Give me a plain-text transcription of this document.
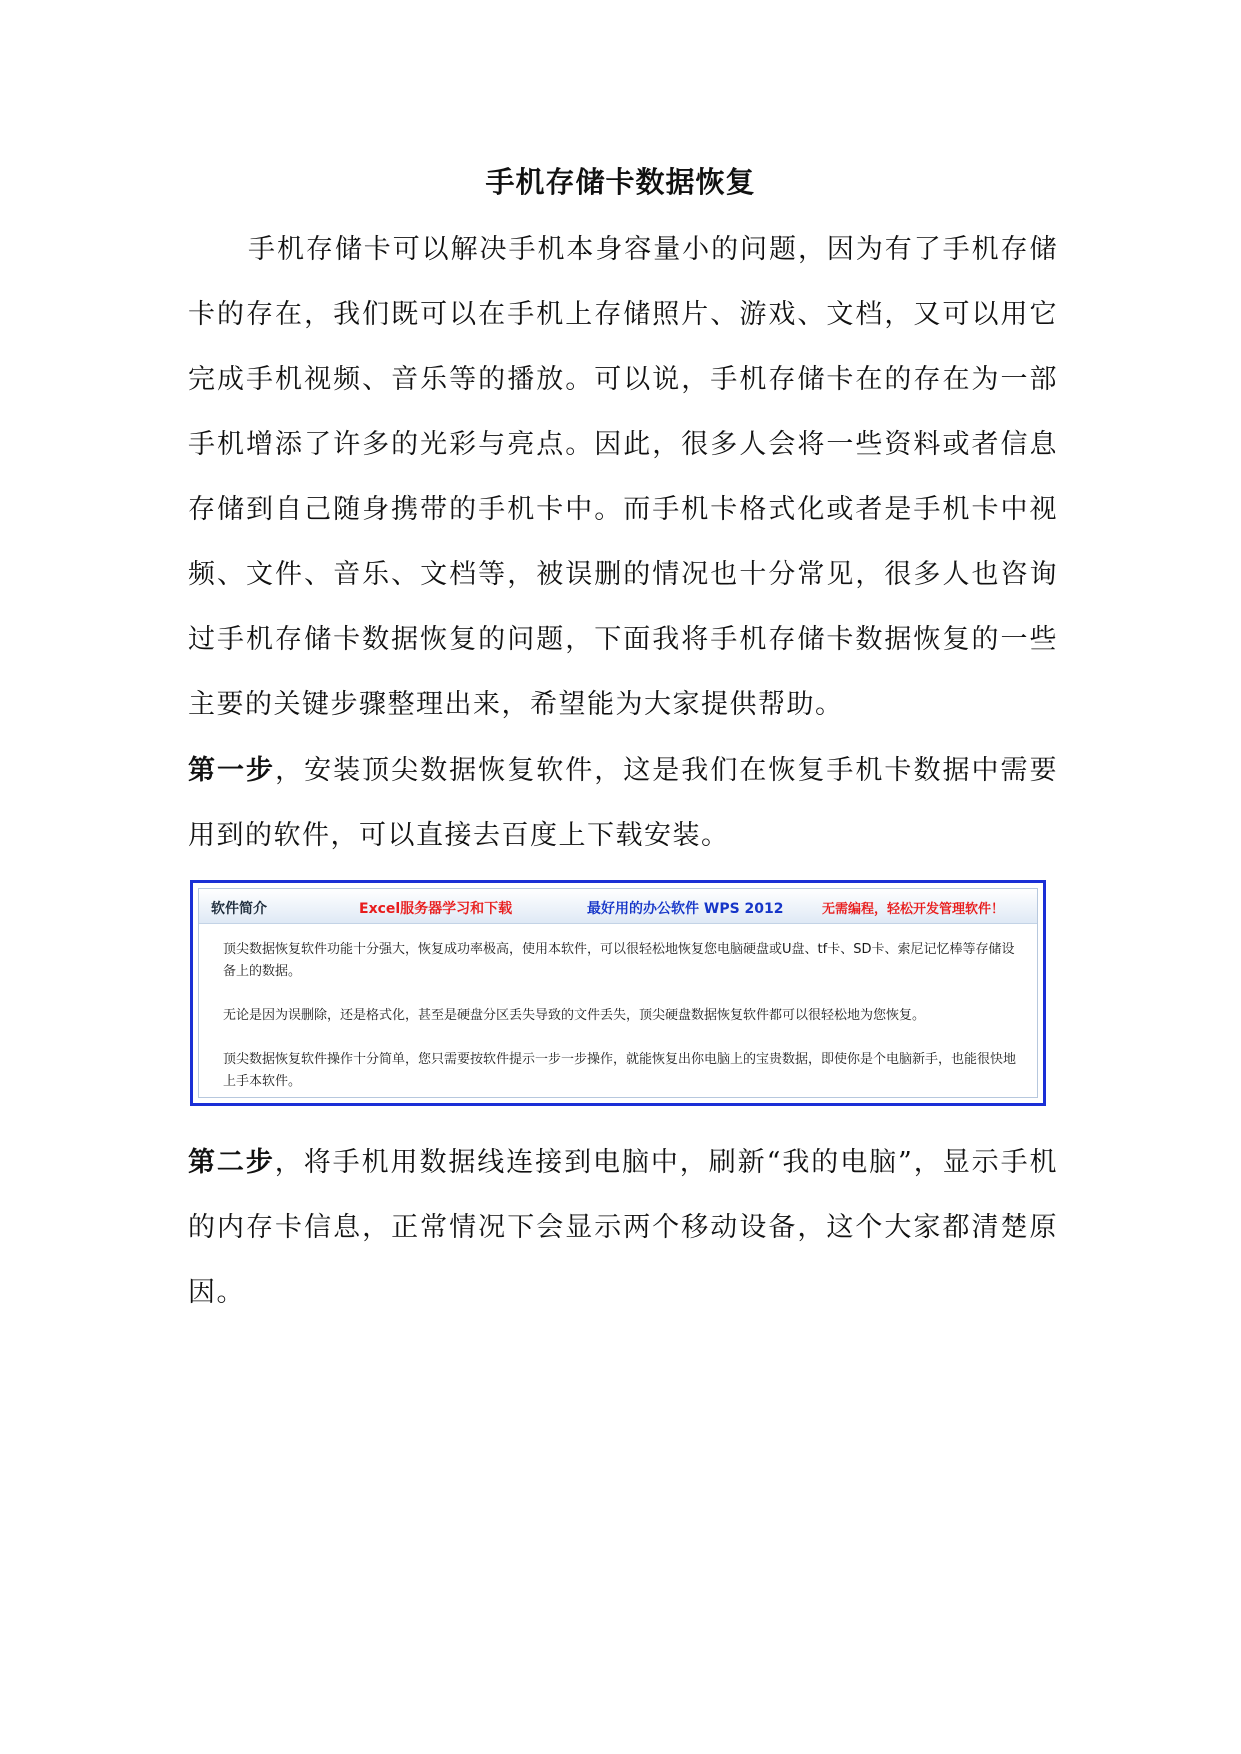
手机存储卡数据恢复
手机存储卡可以解决手机本身容量小的问题，因为有了手机存储卡的存在，我们既可以在手机上存储照片、游戏、文档，又可以用它完成手机视频、音乐等的播放。可以说，手机存储卡在的存在为一部手机增添了许多的光彩与亮点。因此，很多人会将一些资料或者信息存储到自己随身携带的手机卡中。而手机卡格式化或者是手机卡中视频、文件、音乐、文档等，被误删的情况也十分常见，很多人也咨询过手机存储卡数据恢复的问题，下面我将手机存储卡数据恢复的一些主要的关键步骤整理出来，希望能为大家提供帮助。
第一步，安装顶尖数据恢复软件，这是我们在恢复手机卡数据中需要用到的软件，可以直接去百度上下载安装。
软件简介	Excel服务器学习和下载	最好用的办公软件 WPS 2012	无需编程，轻松开发管理软件！

顶尖数据恢复软件功能十分强大，恢复成功率极高，使用本软件，可以很轻松地恢复您电脑硬盘或U盘、tf卡、SD卡、索尼记忆棒等存储设备上的数据。

无论是因为误删除，还是格式化，甚至是硬盘分区丢失导致的文件丢失，顶尖硬盘数据恢复软件都可以很轻松地为您恢复。

顶尖数据恢复软件操作十分简单，您只需要按软件提示一步一步操作，就能恢复出你电脑上的宝贵数据，即使你是个电脑新手，也能很快地上手本软件。

第二步，将手机用数据线连接到电脑中，刷新“我的电脑”，显示手机的内存卡信息，正常情况下会显示两个移动设备，这个大家都清楚原因。
